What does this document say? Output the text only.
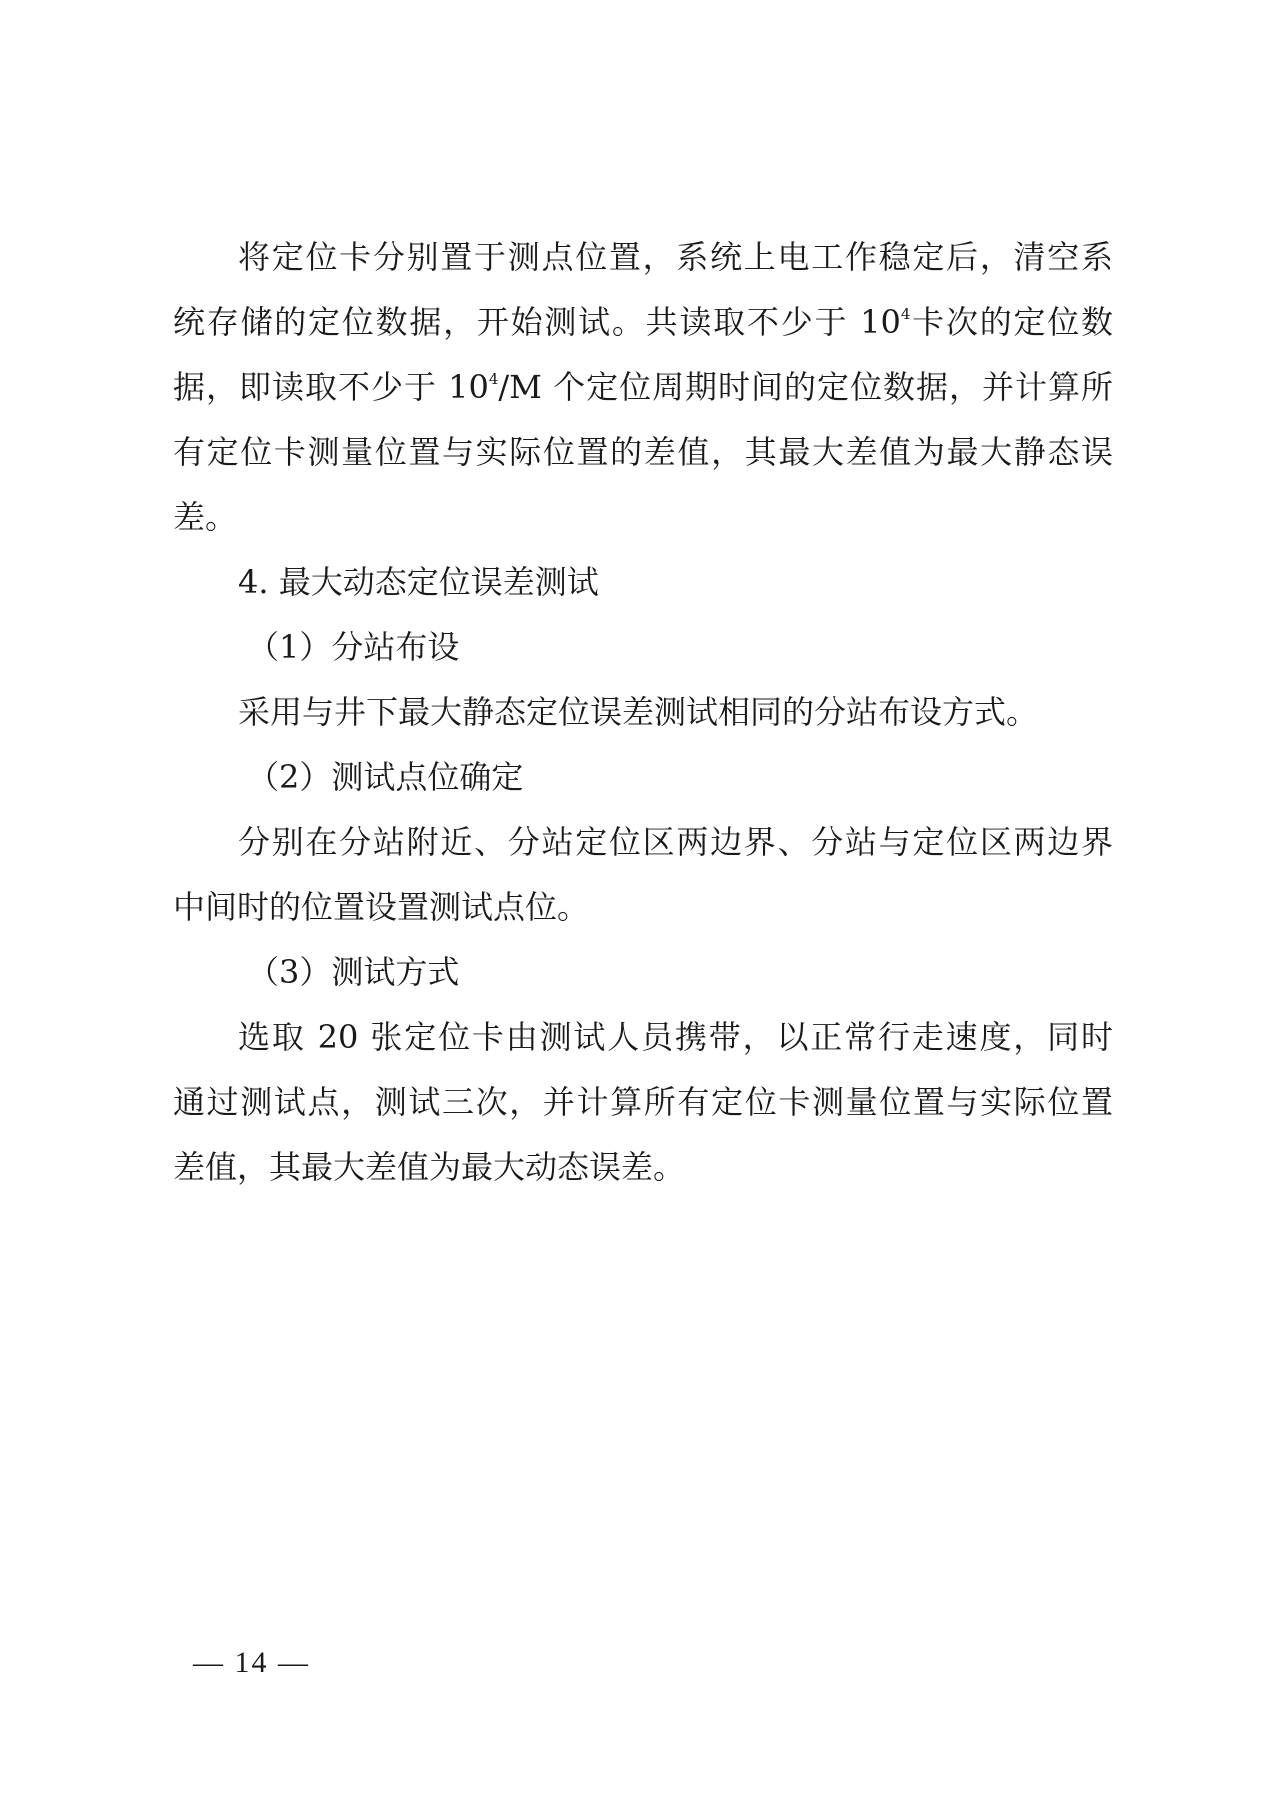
将定位卡分别置于测点位置，系统上电工作稳定后，清空系

统存储的定位数据，开始测试。共读取不少于 $10^4$卡次的定位数

据，即读取不少于 $10^4/M$ 个定位周期时间的定位数据，并计算所

有定位卡测量位置与实际位置的差值，其最大差值为最大静态误

差。

4. 最大动态定位误差测试

（1）分站布设

采用与井下最大静态定位误差测试相同的分站布设方式。

（2）测试点位确定

分别在分站附近、分站定位区两边界、分站与定位区两边界

中间时的位置设置测试点位。

（3）测试方式

选取 20 张定位卡由测试人员携带，以正常行走速度，同时

通过测试点，测试三次，并计算所有定位卡测量位置与实际位置

差值，其最大差值为最大动态误差。

— 14 —
